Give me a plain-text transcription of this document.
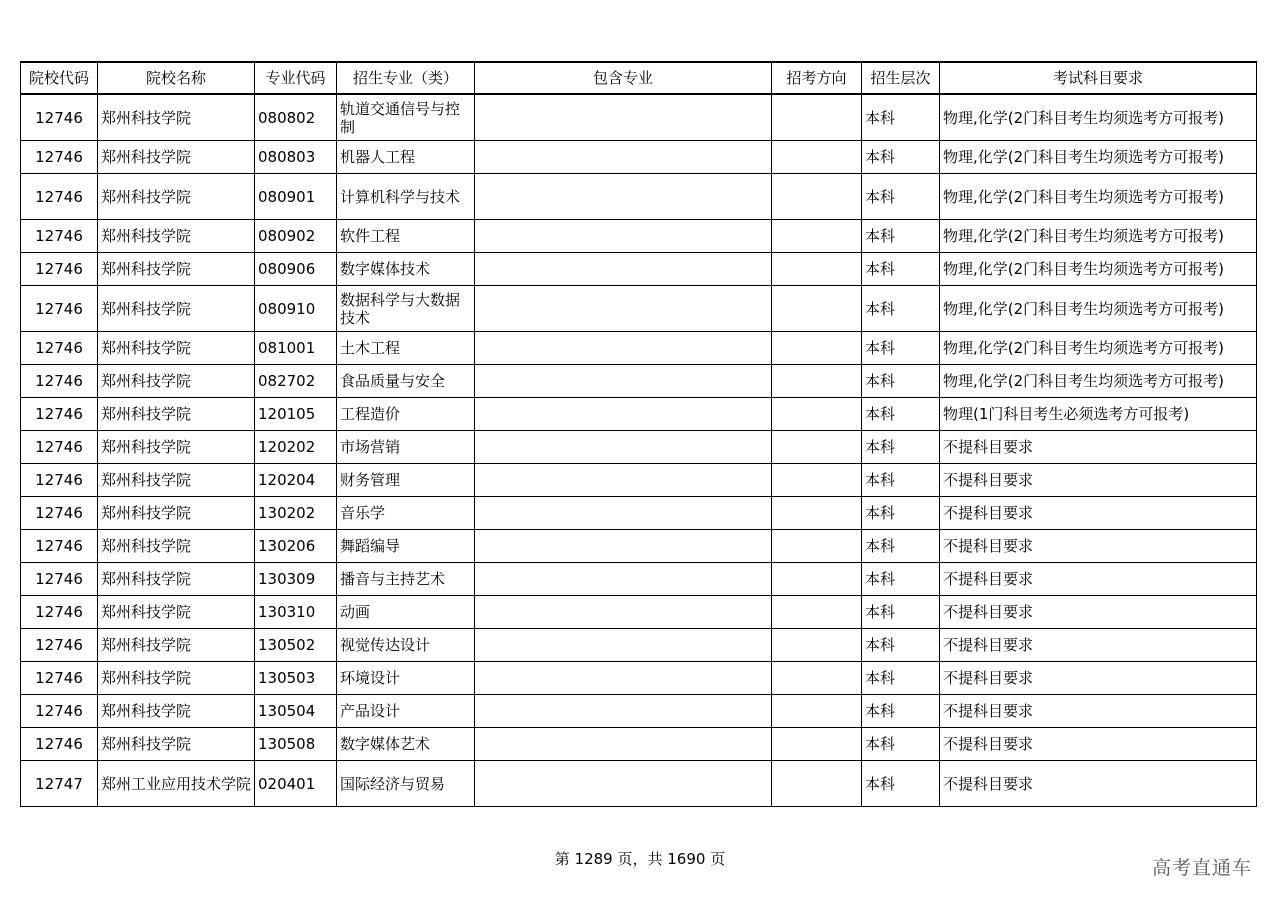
院校代码	院校名称	专业代码	招生专业（类）	包含专业	招考方向	招生层次	考试科目要求
12746	郑州科技学院	080802	轨道交通信号与控制			本科	物理,化学(2门科目考生均须选考方可报考)
12746	郑州科技学院	080803	机器人工程			本科	物理,化学(2门科目考生均须选考方可报考)
12746	郑州科技学院	080901	计算机科学与技术			本科	物理,化学(2门科目考生均须选考方可报考)
12746	郑州科技学院	080902	软件工程			本科	物理,化学(2门科目考生均须选考方可报考)
12746	郑州科技学院	080906	数字媒体技术			本科	物理,化学(2门科目考生均须选考方可报考)
12746	郑州科技学院	080910	数据科学与大数据技术			本科	物理,化学(2门科目考生均须选考方可报考)
12746	郑州科技学院	081001	土木工程			本科	物理,化学(2门科目考生均须选考方可报考)
12746	郑州科技学院	082702	食品质量与安全			本科	物理,化学(2门科目考生均须选考方可报考)
12746	郑州科技学院	120105	工程造价			本科	物理(1门科目考生必须选考方可报考)
12746	郑州科技学院	120202	市场营销			本科	不提科目要求
12746	郑州科技学院	120204	财务管理			本科	不提科目要求
12746	郑州科技学院	130202	音乐学			本科	不提科目要求
12746	郑州科技学院	130206	舞蹈编导			本科	不提科目要求
12746	郑州科技学院	130309	播音与主持艺术			本科	不提科目要求
12746	郑州科技学院	130310	动画			本科	不提科目要求
12746	郑州科技学院	130502	视觉传达设计			本科	不提科目要求
12746	郑州科技学院	130503	环境设计			本科	不提科目要求
12746	郑州科技学院	130504	产品设计			本科	不提科目要求
12746	郑州科技学院	130508	数字媒体艺术			本科	不提科目要求
12747	郑州工业应用技术学院	020401	国际经济与贸易			本科	不提科目要求
第 1289 页，共 1690 页	高考直通车
